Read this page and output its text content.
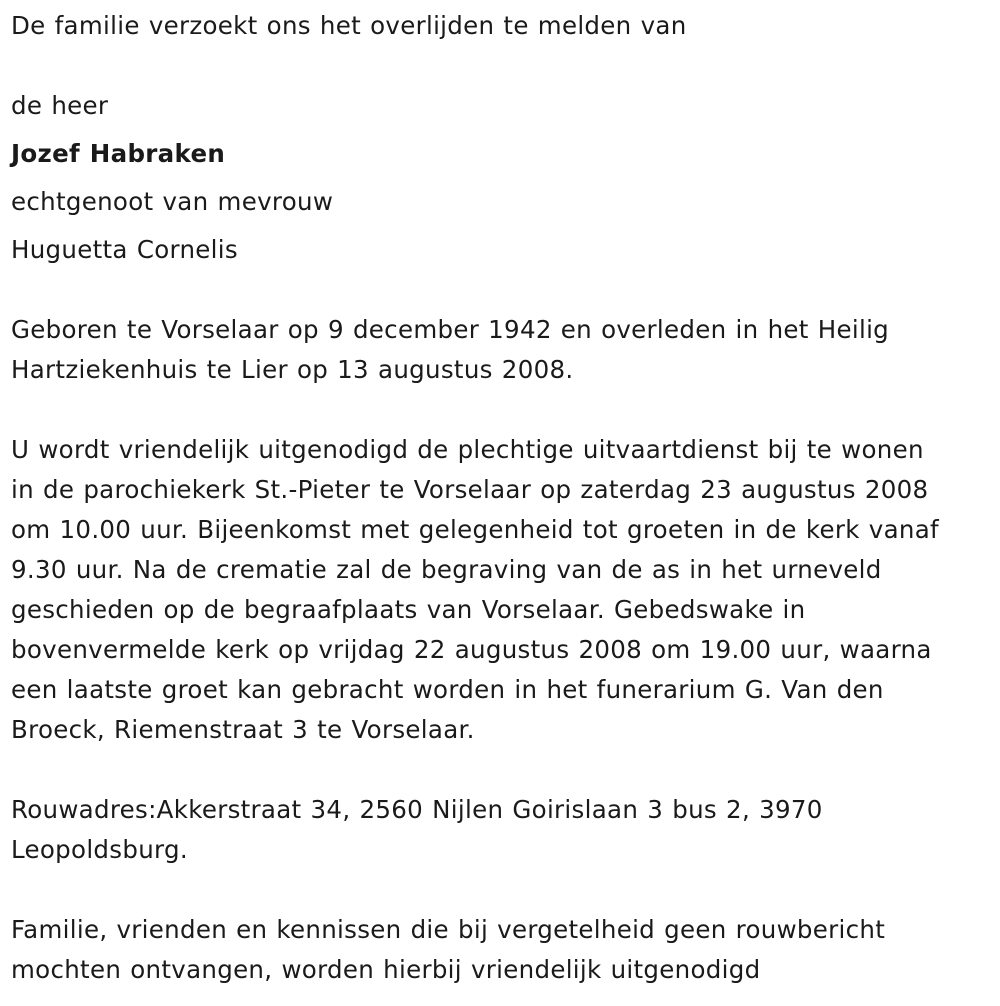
De familie verzoekt ons het overlijden te melden van

de heer

Jozef Habraken

echtgenoot van mevrouw

Huguetta Cornelis

Geboren te Vorselaar op 9 december 1942 en overleden in het Heilig

Hartziekenhuis te Lier op 13 augustus 2008.

U wordt vriendelijk uitgenodigd de plechtige uitvaartdienst bij te wonen

in de parochiekerk St.-Pieter te Vorselaar op zaterdag 23 augustus 2008

om 10.00 uur. Bijeenkomst met gelegenheid tot groeten in de kerk vanaf

9.30 uur. Na de crematie zal de begraving van de as in het urneveld

geschieden op de begraafplaats van Vorselaar. Gebedswake in

bovenvermelde kerk op vrijdag 22 augustus 2008 om 19.00 uur, waarna

een laatste groet kan gebracht worden in het funerarium G. Van den

Broeck, Riemenstraat 3 te Vorselaar.

Rouwadres:Akkerstraat 34, 2560 Nijlen Goirislaan 3 bus 2, 3970

Leopoldsburg.

Familie, vrienden en kennissen die bij vergetelheid geen rouwbericht

mochten ontvangen, worden hierbij vriendelijk uitgenodigd
